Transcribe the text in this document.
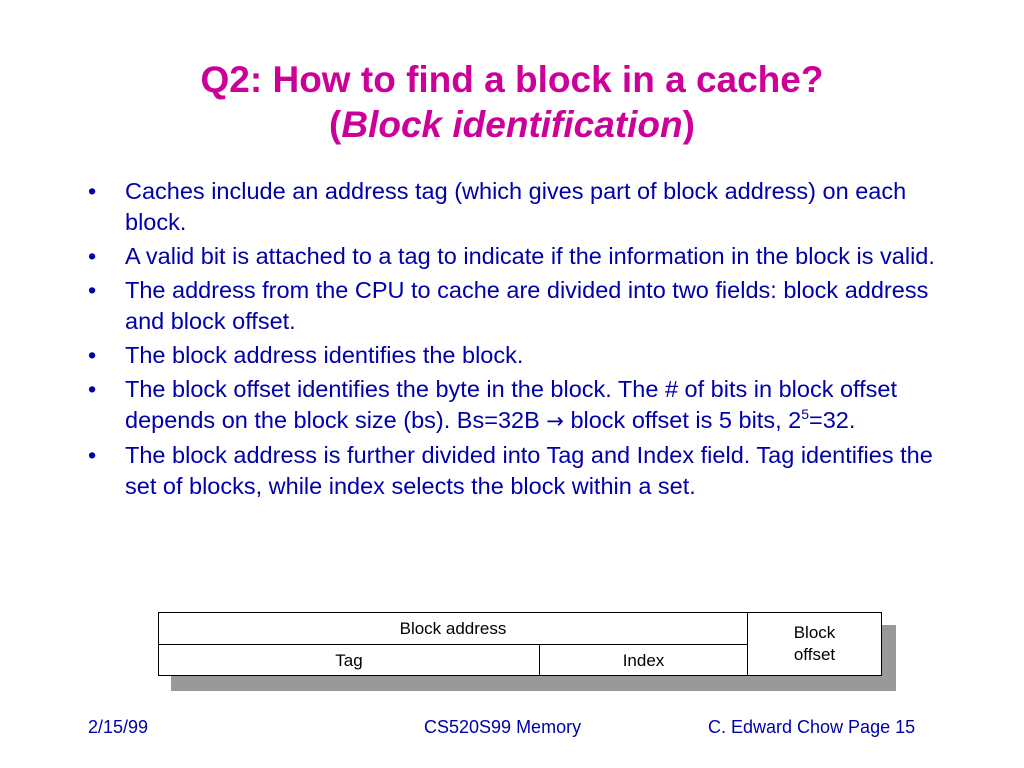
Q2: How to find a block in a cache?
(Block identification)
• Caches include an address tag (which gives part of block address) on each block.
• A valid bit is attached to a tag to indicate if the information in the block is valid.
• The address from the CPU to cache are divided into two fields: block address and block offset.
• The block address identifies the block.
• The block offset identifies the byte in the block. The # of bits in block offset depends on the block size (bs). Bs=32B → block offset is 5 bits, $2^5=32$.
• The block address is further divided into Tag and Index field. Tag identifies the set of blocks, while index selects the block within a set.
Block address
Tag	Index
Block
offset
2/15/99	CS520S99 Memory	C. Edward Chow Page 15
